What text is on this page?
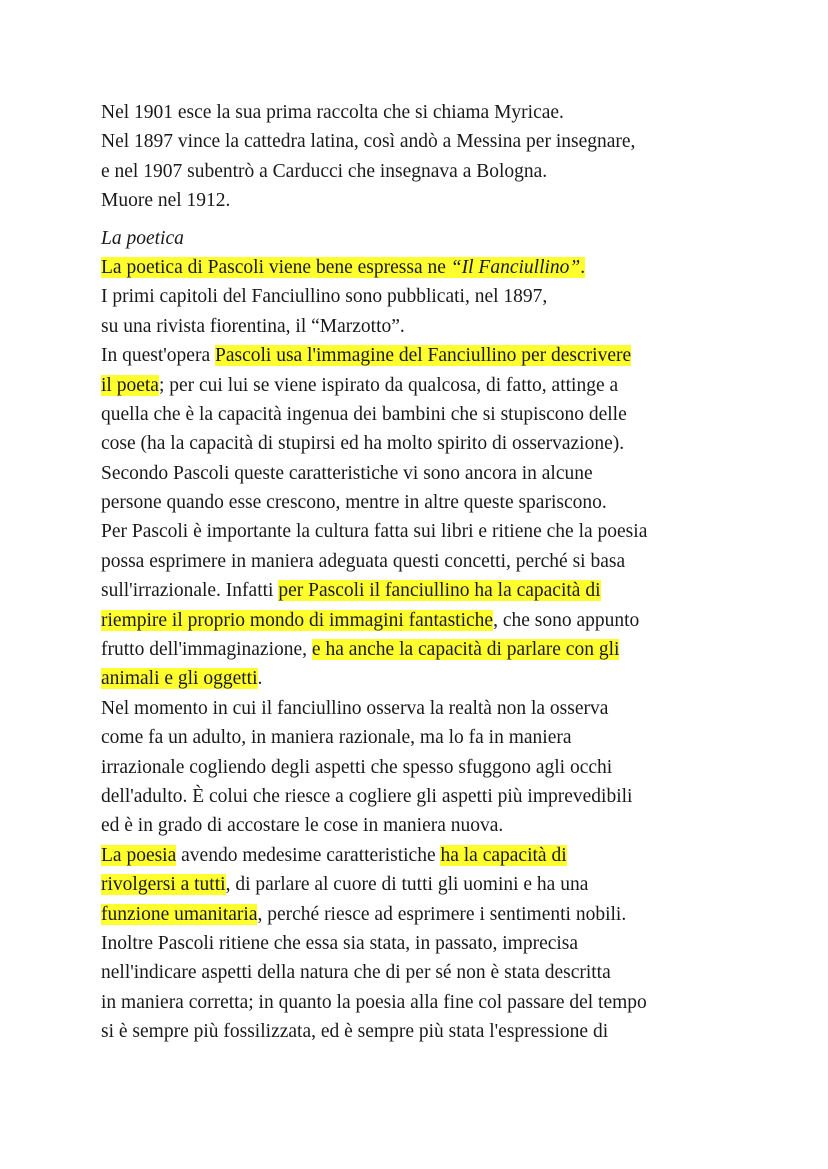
Nel 1901 esce la sua prima raccolta che si chiama Myricae.
Nel 1897 vince la cattedra latina, così andò a Messina per insegnare,
e nel 1907 subentrò a Carducci che insegnava a Bologna.
Muore nel 1912.
La poetica
La poetica di Pascoli viene bene espressa ne “Il Fanciullino”.
I primi capitoli del Fanciullino sono pubblicati, nel 1897,
su una rivista fiorentina, il “Marzotto”.
In quest'opera Pascoli usa l'immagine del Fanciullino per descrivere
il poeta; per cui lui se viene ispirato da qualcosa, di fatto, attinge a
quella che è la capacità ingenua dei bambini che si stupiscono delle
cose (ha la capacità di stupirsi ed ha molto spirito di osservazione).
Secondo Pascoli queste caratteristiche vi sono ancora in alcune
persone quando esse crescono, mentre in altre queste spariscono.
Per Pascoli è importante la cultura fatta sui libri e ritiene che la poesia
possa esprimere in maniera adeguata questi concetti, perché si basa
sull'irrazionale. Infatti per Pascoli il fanciullino ha la capacità di
riempire il proprio mondo di immagini fantastiche, che sono appunto
frutto dell'immaginazione, e ha anche la capacità di parlare con gli
animali e gli oggetti.
Nel momento in cui il fanciullino osserva la realtà non la osserva
come fa un adulto, in maniera razionale, ma lo fa in maniera
irrazionale cogliendo degli aspetti che spesso sfuggono agli occhi
dell'adulto. È colui che riesce a cogliere gli aspetti più imprevedibili
ed è in grado di accostare le cose in maniera nuova.
La poesia avendo medesime caratteristiche ha la capacità di
rivolgersi a tutti, di parlare al cuore di tutti gli uomini e ha una
funzione umanitaria, perché riesce ad esprimere i sentimenti nobili.
Inoltre Pascoli ritiene che essa sia stata, in passato, imprecisa
nell'indicare aspetti della natura che di per sé non è stata descritta
in maniera corretta; in quanto la poesia alla fine col passare del tempo
si è sempre più fossilizzata, ed è sempre più stata l'espressione di
